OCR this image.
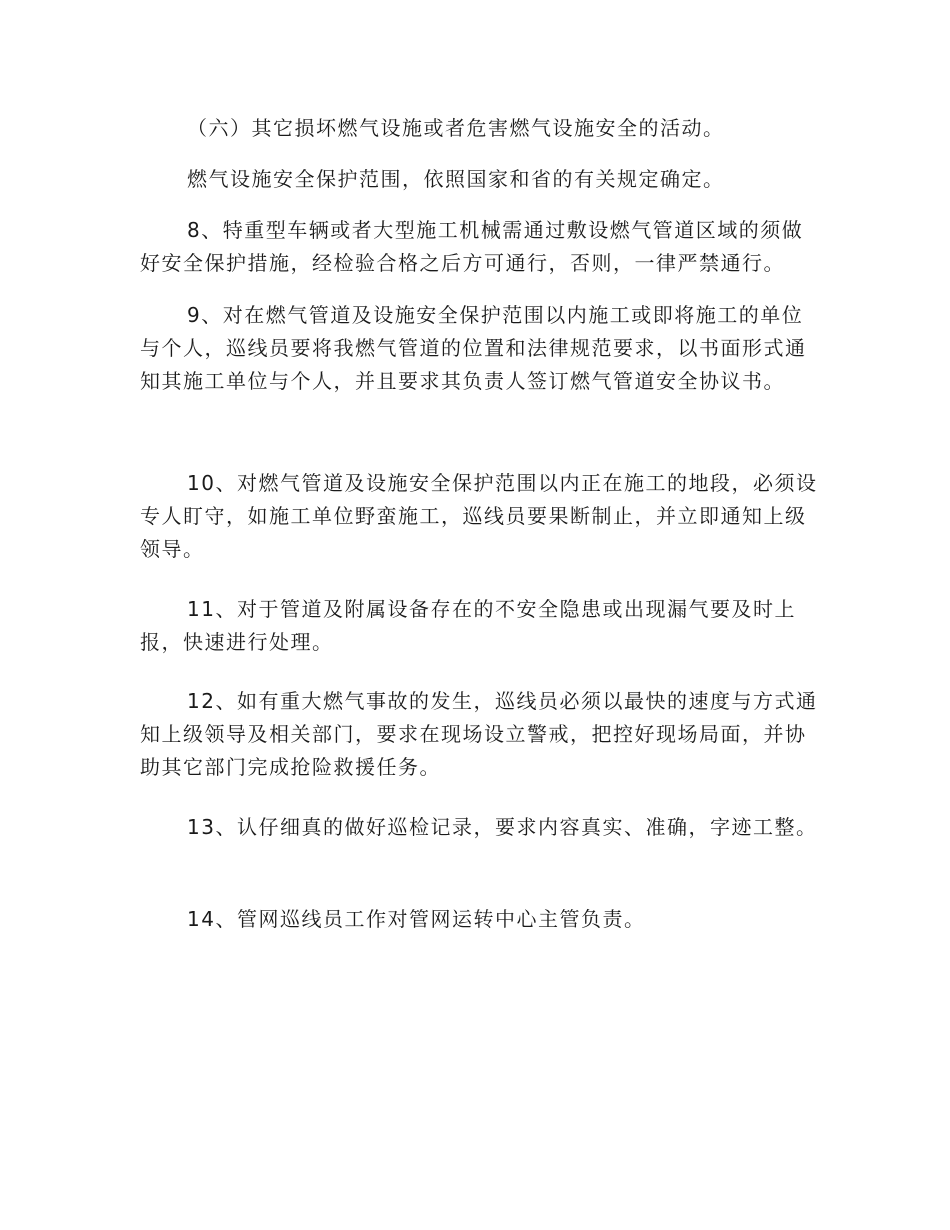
（六）其它损坏燃气设施或者危害燃气设施安全的活动。

燃气设施安全保护范围，依照国家和省的有关规定确定。

8、特重型车辆或者大型施工机械需通过敷设燃气管道区域的须做好安全保护措施，经检验合格之后方可通行，否则，一律严禁通行。

9、对在燃气管道及设施安全保护范围以内施工或即将施工的单位与个人，巡线员要将我燃气管道的位置和法律规范要求，以书面形式通知其施工单位与个人，并且要求其负责人签订燃气管道安全协议书。

10、对燃气管道及设施安全保护范围以内正在施工的地段，必须设专人盯守，如施工单位野蛮施工，巡线员要果断制止，并立即通知上级领导。

11、对于管道及附属设备存在的不安全隐患或出现漏气要及时上报，快速进行处理。

12、如有重大燃气事故的发生，巡线员必须以最快的速度与方式通知上级领导及相关部门，要求在现场设立警戒，把控好现场局面，并协助其它部门完成抢险救援任务。

13、认仔细真的做好巡检记录，要求内容真实、准确，字迹工整。

14、管网巡线员工作对管网运转中心主管负责。
